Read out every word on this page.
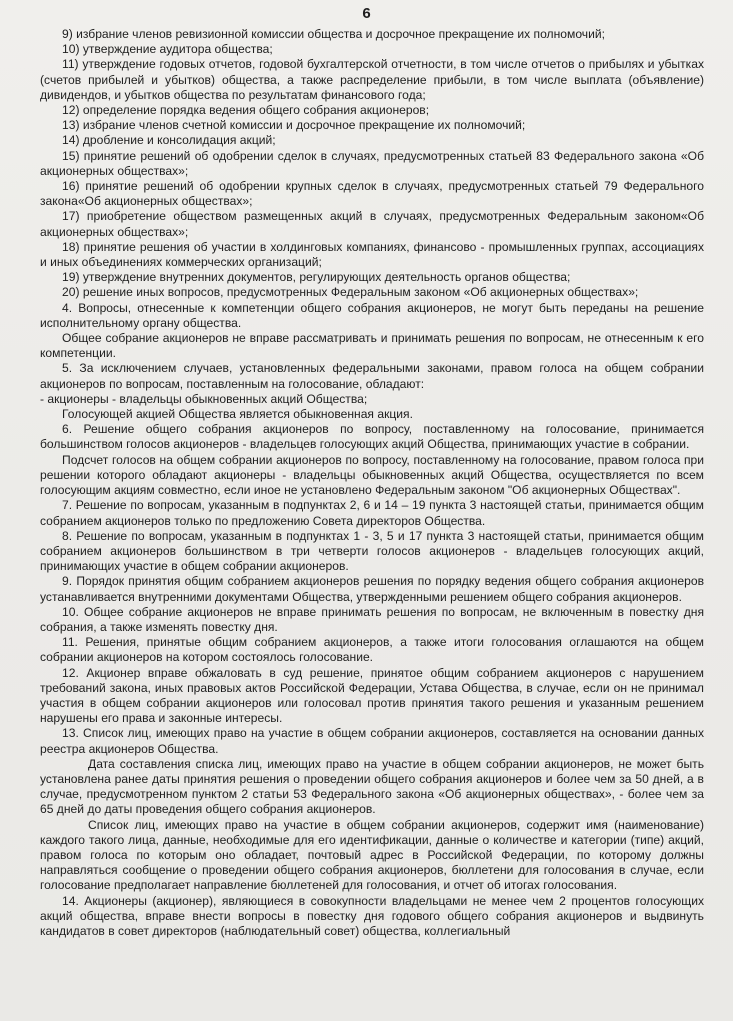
6

9) избрание членов ревизионной комиссии общества и досрочное прекращение их полномочий;

10) утверждение аудитора общества;

11) утверждение годовых отчетов, годовой бухгалтерской отчетности, в том числе отчетов о прибылях и убытках (счетов прибылей и убытков) общества, а также распределение прибыли, в том числе выплата (объявление) дивидендов, и убытков общества по результатам финансового года;

12) определение порядка ведения общего собрания акционеров;

13) избрание членов счетной комиссии и досрочное прекращение их полномочий;

14) дробление и консолидация акций;

15) принятие решений об одобрении сделок в случаях, предусмотренных статьей 83 Федерального закона «Об акционерных обществах»;

16) принятие решений об одобрении крупных сделок в случаях, предусмотренных статьей 79 Федерального закона«Об акционерных обществах»;

17) приобретение обществом размещенных акций в случаях, предусмотренных Федеральным законом«Об акционерных обществах»;

18) принятие решения об участии в холдинговых компаниях, финансово - промышленных группах, ассоциациях и иных объединениях коммерческих организаций;

19) утверждение внутренних документов, регулирующих деятельность органов общества;

20) решение иных вопросов, предусмотренных Федеральным законом «Об акционерных обществах»;

4. Вопросы, отнесенные к компетенции общего собрания акционеров, не могут быть переданы на решение исполнительному органу общества.

Общее собрание акционеров не вправе рассматривать и принимать решения по вопросам, не отнесенным к его компетенции.

5. За исключением случаев, установленных федеральными законами, правом голоса на общем собрании акционеров по вопросам, поставленным на голосование, обладают:

- акционеры - владельцы обыкновенных акций Общества;

Голосующей акцией Общества является обыкновенная акция.

6. Решение общего собрания акционеров по вопросу, поставленному на голосование, принимается большинством голосов акционеров - владельцев голосующих акций Общества, принимающих участие в собрании.

Подсчет голосов на общем собрании акционеров по вопросу, поставленному на голосование, правом голоса при решении которого обладают акционеры - владельцы обыкновенных акций Общества, осуществляется по всем голосующим акциям совместно, если иное не установлено Федеральным законом "Об акционерных Обществах".

7. Решение по вопросам, указанным в подпунктах 2, 6 и 14 – 19 пункта 3 настоящей статьи, принимается общим собранием акционеров только по предложению Совета директоров Общества.

8. Решение по вопросам, указанным в подпунктах 1 - 3, 5 и 17 пункта 3 настоящей статьи, принимается общим собранием акционеров большинством в три четверти голосов акционеров - владельцев голосующих акций, принимающих участие в общем собрании акционеров.

9. Порядок принятия общим собранием акционеров решения по порядку ведения общего собрания акционеров устанавливается внутренними документами Общества, утвержденными решением общего собрания акционеров.

10. Общее собрание акционеров не вправе принимать решения по вопросам, не включенным в повестку дня собрания, а также изменять повестку дня.

11. Решения, принятые общим собранием акционеров, а также итоги голосования оглашаются на общем собрании акционеров на котором состоялось голосование.

12. Акционер вправе обжаловать в суд решение, принятое общим собранием акционеров с нарушением требований закона, иных правовых актов Российской Федерации, Устава Общества, в случае, если он не принимал участия в общем собрании акционеров или голосовал против принятия такого решения и указанным решением нарушены его права и законные интересы.

13. Список лиц, имеющих право на участие в общем собрании акционеров, составляется на основании данных реестра акционеров Общества.

Дата составления списка лиц, имеющих право на участие в общем собрании акционеров, не может быть установлена ранее даты принятия решения о проведении общего собрания акционеров и более чем за 50 дней, а в случае, предусмотренном пунктом 2 статьи 53 Федерального закона «Об акционерных обществах», - более чем за 65 дней до даты проведения общего собрания акционеров.

Список лиц, имеющих право на участие в общем собрании акционеров, содержит имя (наименование) каждого такого лица, данные, необходимые для его идентификации, данные о количестве и категории (типе) акций, правом голоса по которым оно обладает, почтовый адрес в Российской Федерации, по которому должны направляться сообщение о проведении общего собрания акционеров, бюллетени для голосования в случае, если голосование предполагает направление бюллетеней для голосования, и отчет об итогах голосования.

14. Акционеры (акционер), являющиеся в совокупности владельцами не менее чем 2 процентов голосующих акций общества, вправе внести вопросы в повестку дня годового общего собрания акционеров и выдвинуть кандидатов в совет директоров (наблюдательный совет) общества, коллегиальный
